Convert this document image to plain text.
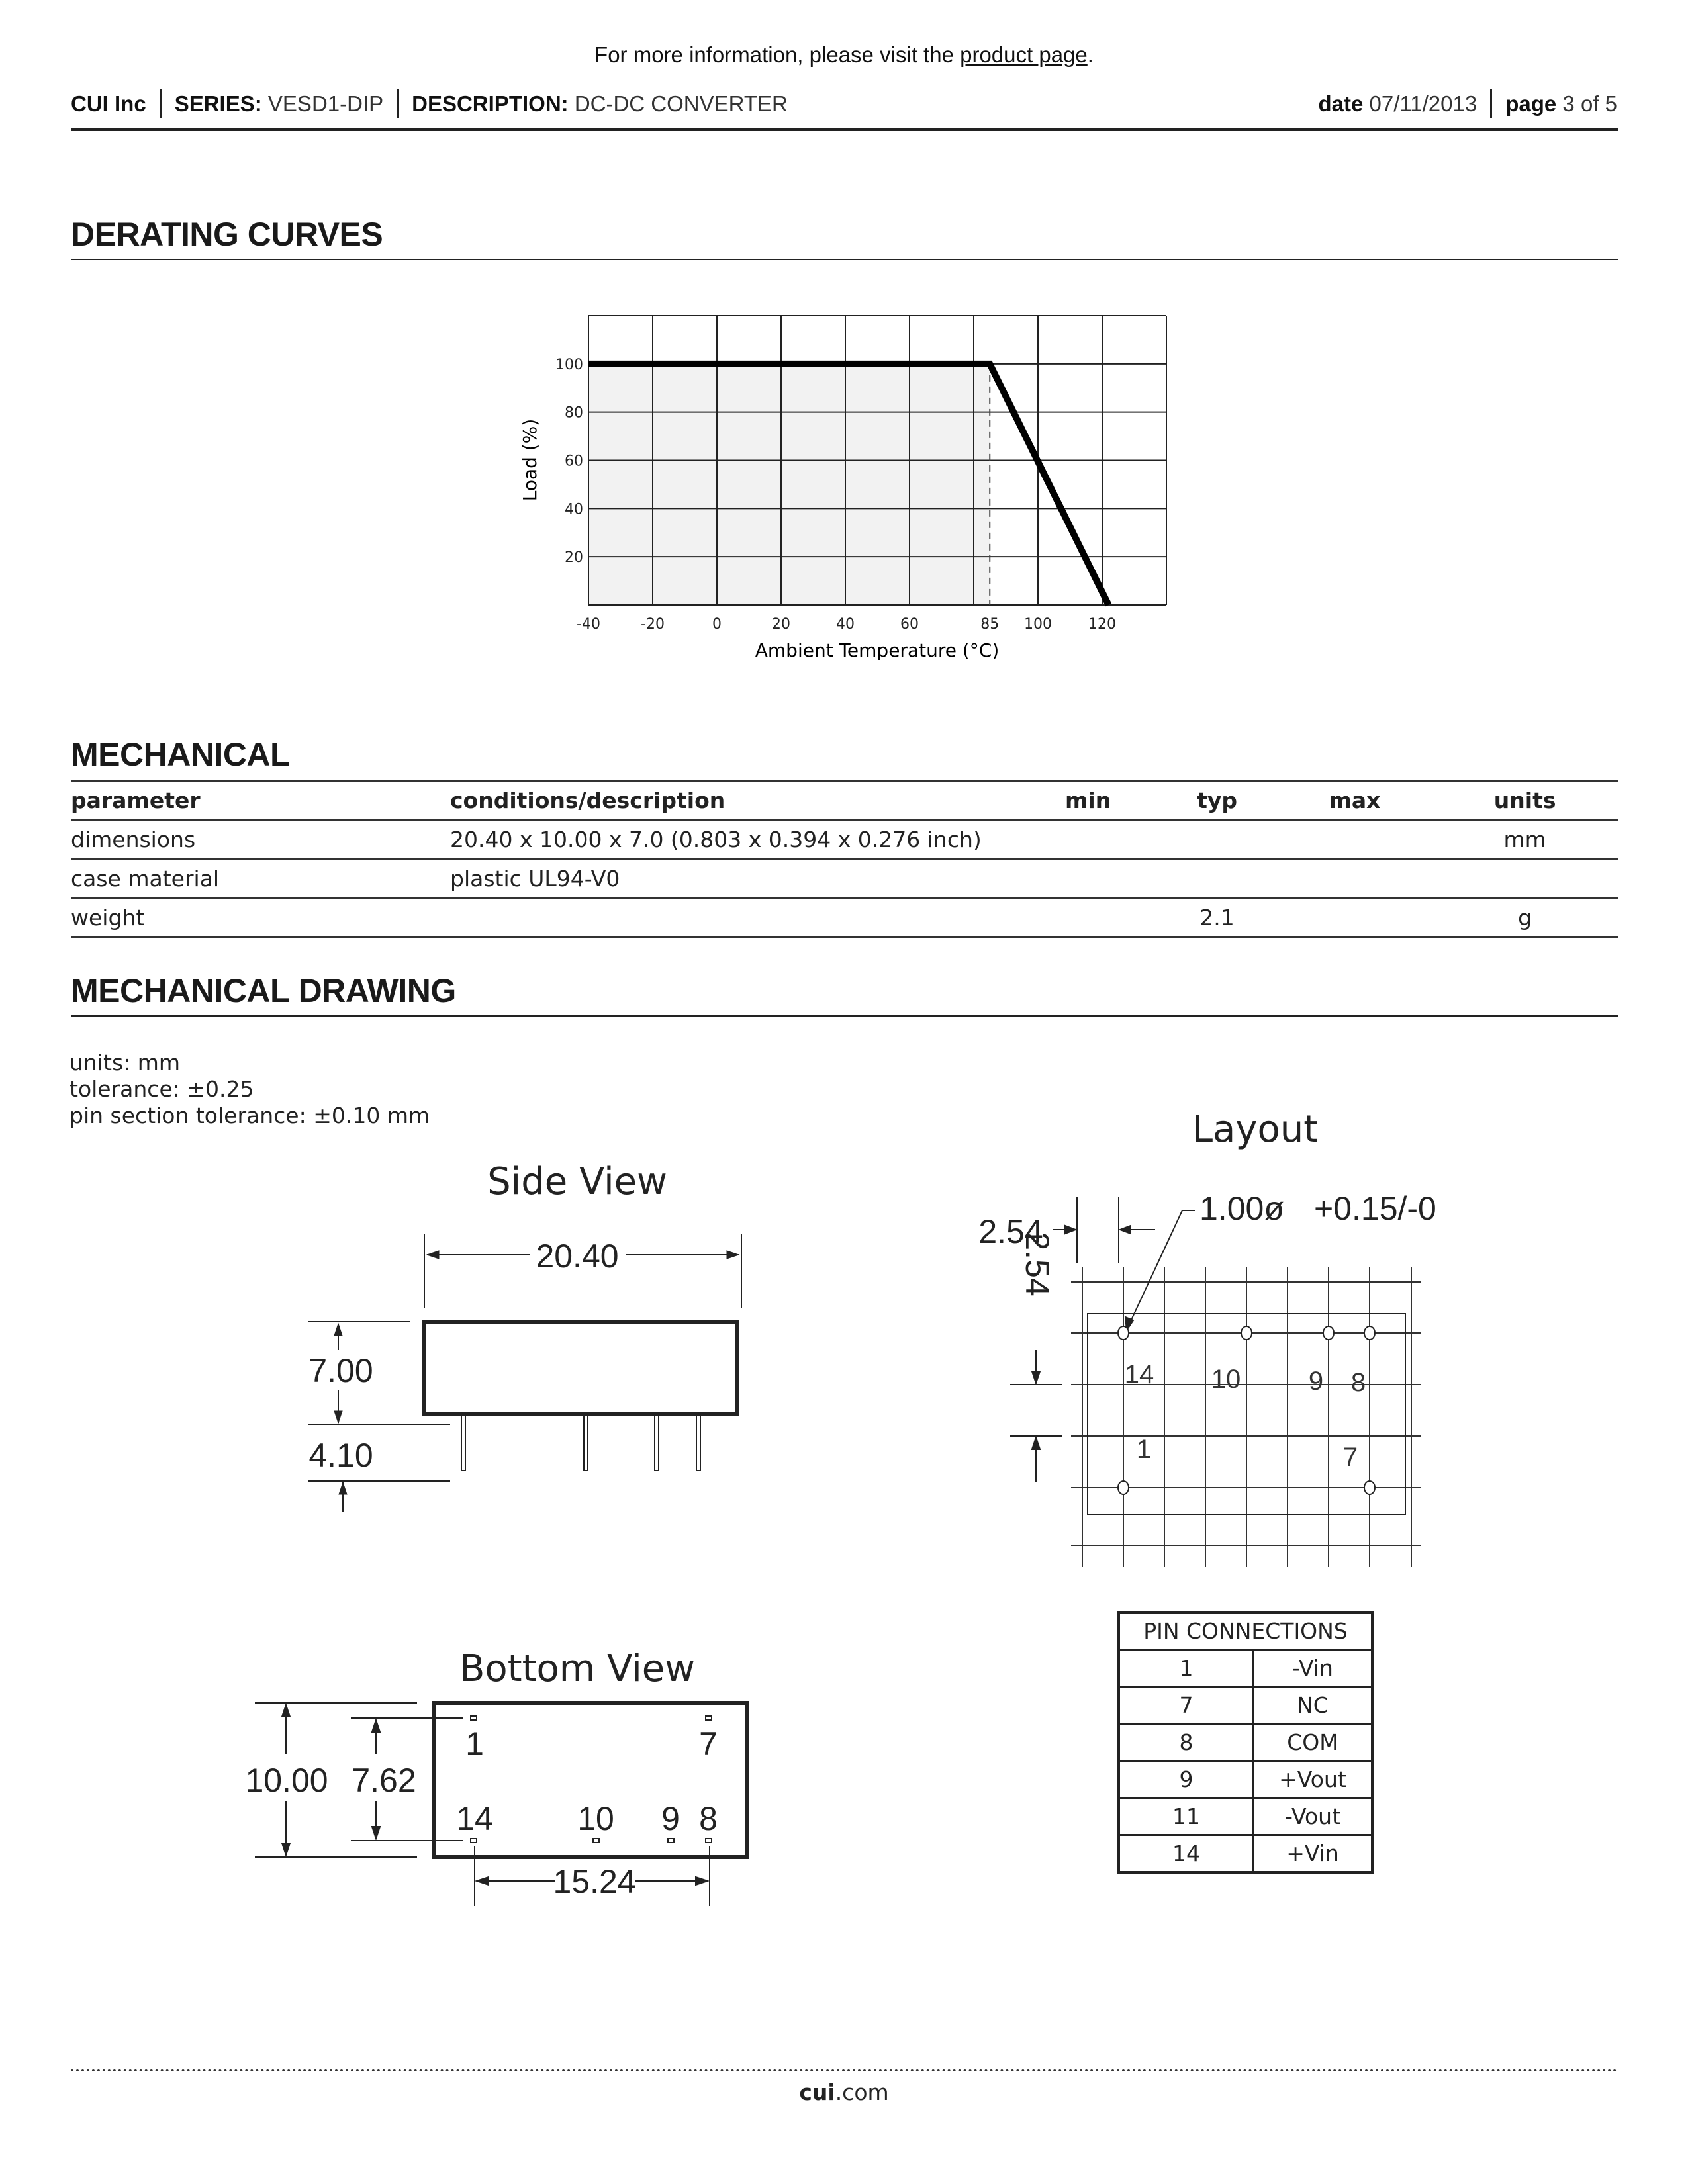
For more information, please visit the product page.
CUI Inc SERIES:
VESD1-DIP DESCRIPTION:
DC-DC CONVERTER	date
07/11/2013 page
3 of 5
DERATING CURVES
-40	-20	0	20	40	60	85 100	120
20
40
60
80
100
Ambient Temperature (°C)
Load (%)
Side View
20.40
7.00
4.10
Layout
2.54
2.54
1.00ø +0.15/-0
14 10	9 8
1	7
Bottom View
1	7
14	10 9 8
10.00 7.62
15.24
MECHANICAL
parameter	conditions/description	min	typ	max	units
dimensions	20.40 x 10.00 x 7.0 (0.803 x 0.394 x 0.276 inch)				mm
case material	plastic UL94-V0				
weight			2.1		g
MECHANICAL DRAWING
units: mm
tolerance: ±0.25
pin section tolerance: ±0.10 mm
PIN CONNECTIONS	
1	-Vin
7	NC
8	COM
9	+Vout
11	-Vout
14	+Vin
cui.com
